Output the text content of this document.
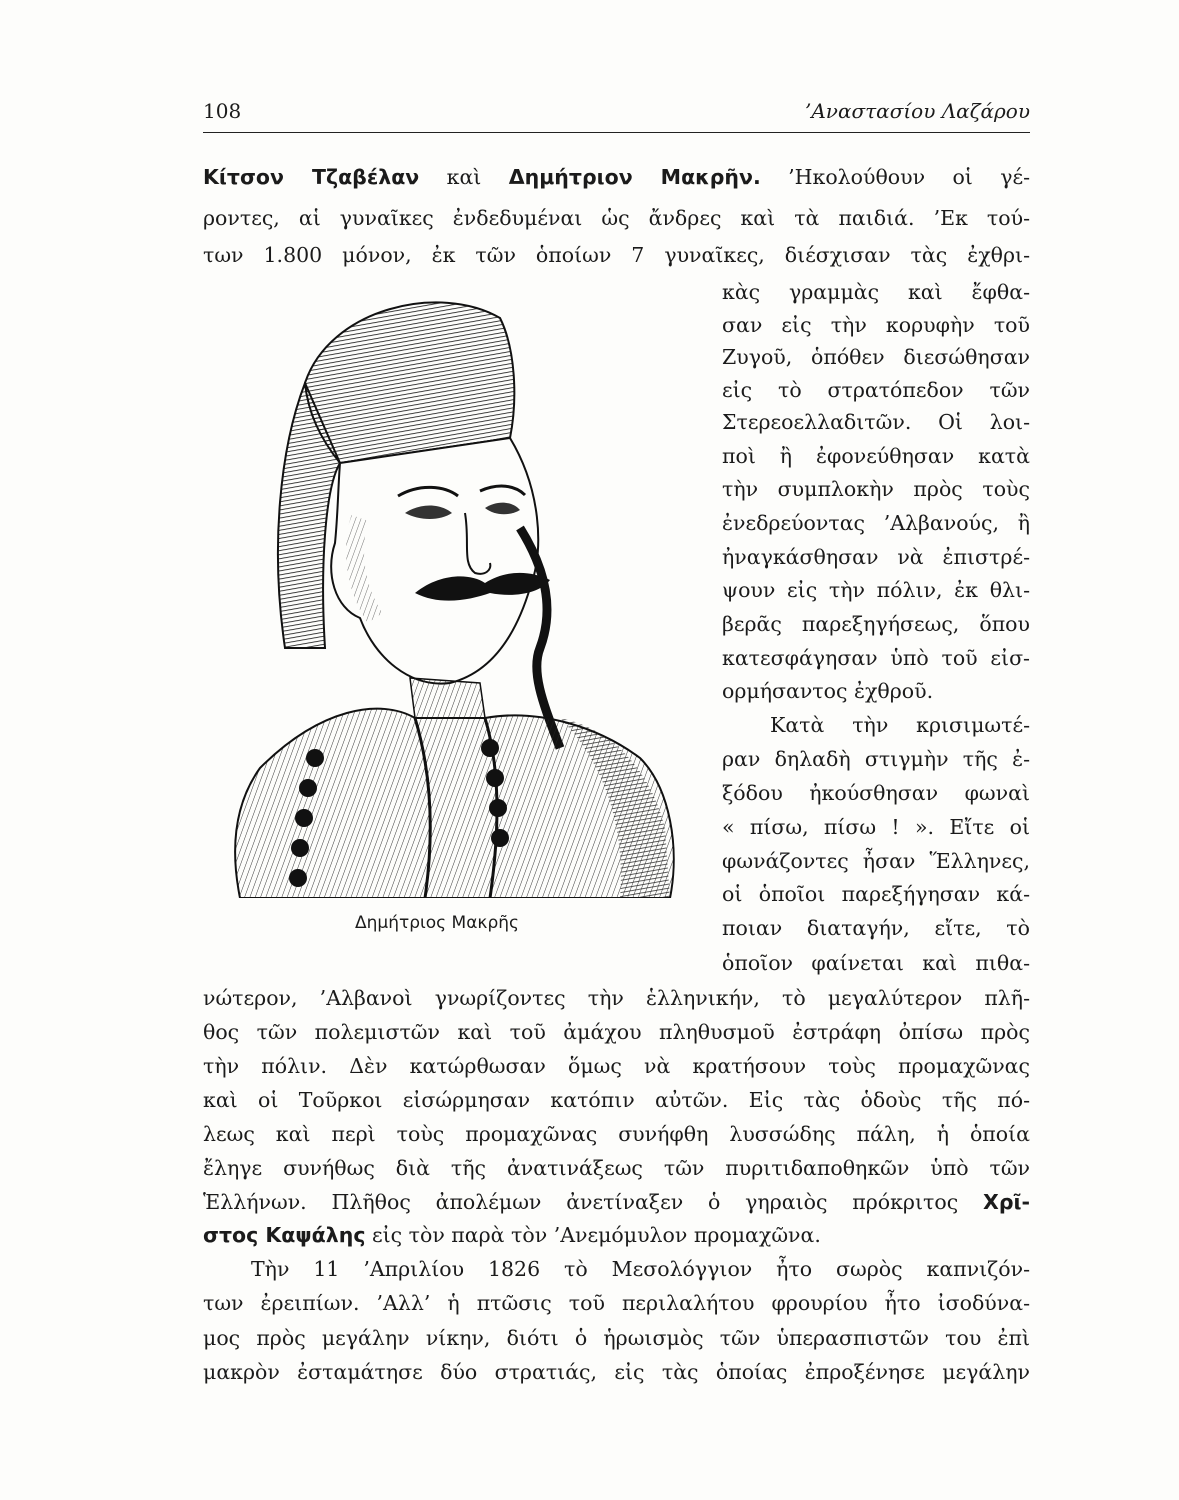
108	’Αναστασίου Λαζάρου
Δημήτριος Μακρῆς
Κίτσον Τζαβέλαν καὶ Δημήτριον Μακρῆν. ’Ηκολούθουν οἱ γέ-
ροντες, αἱ γυναῖκες ἐνδεδυμέναι ὡς ἄνδρες καὶ τὰ παιδιά. ’Εκ τού-
των 1.800 μόνον, ἐκ τῶν ὁποίων 7 γυναῖκες, διέσχισαν τὰς ἐχθρι-
κὰς γραμμὰς καὶ ἔφθα-
σαν εἰς τὴν κορυφὴν τοῦ
Ζυγοῦ, ὁπόθεν διεσώθησαν
εἰς τὸ στρατόπεδον τῶν
Στερεοελλαδιτῶν. Οἱ λοι-
ποὶ ἢ ἐφονεύθησαν κατὰ
τὴν συμπλοκὴν πρὸς τοὺς
ἐνεδρεύοντας ’Αλβανούς, ἢ
ἠναγκάσθησαν νὰ ἐπιστρέ-
ψουν εἰς τὴν πόλιν, ἐκ θλι-
βερᾶς παρεξηγήσεως, ὅπου
κατεσφάγησαν ὑπὸ τοῦ εἰσ-
ορμήσαντος ἐχθροῦ.
Κατὰ τὴν κρισιμωτέ-
ραν δηλαδὴ στιγμὴν τῆς ἐ-
ξόδου ἠκούσθησαν φωναὶ
« πίσω, πίσω ! ». Εἴτε οἱ
φωνάζοντες ἦσαν Ἕλληνες,
οἱ ὁποῖοι παρεξήγησαν κά-
ποιαν διαταγήν, εἴτε, τὸ
ὁποῖον φαίνεται καὶ πιθα-
νώτερον, ’Αλβανοὶ γνωρίζοντες τὴν ἑλληνικήν, τὸ μεγαλύτερον πλῆ-
θος τῶν πολεμιστῶν καὶ τοῦ ἀμάχου πληθυσμοῦ ἐστράφη ὀπίσω πρὸς
τὴν πόλιν. Δὲν κατώρθωσαν ὅμως νὰ κρατήσουν τοὺς προμαχῶνας
καὶ οἱ Τοῦρκοι εἰσώρμησαν κατόπιν αὐτῶν. Εἰς τὰς ὁδοὺς τῆς πό-
λεως καὶ περὶ τοὺς προμαχῶνας συνήφθη λυσσώδης πάλη, ἡ ὁποία
ἔληγε συνήθως διὰ τῆς ἀνατινάξεως τῶν πυριτιδαποθηκῶν ὑπὸ τῶν
Ἑλλήνων. Πλῆθος ἀπολέμων ἀνετίναξεν ὁ γηραιὸς πρόκριτος Χρῖ-
στος Καψάλης εἰς τὸν παρὰ τὸν ’Ανεμόμυλον προμαχῶνα.
Τὴν 11 ’Απριλίου 1826 τὸ Μεσολόγγιον ἦτο σωρὸς καπνιζόν-
των ἐρειπίων. ’Αλλ’ ἡ πτῶσις τοῦ περιλαλήτου φρουρίου ἦτο ἰσοδύνα-
μος πρὸς μεγάλην νίκην, διότι ὁ ἡρωισμὸς τῶν ὑπερασπιστῶν του ἐπὶ
μακρὸν ἐσταμάτησε δύο στρατιάς, εἰς τὰς ὁποίας ἐπροξένησε μεγάλην
